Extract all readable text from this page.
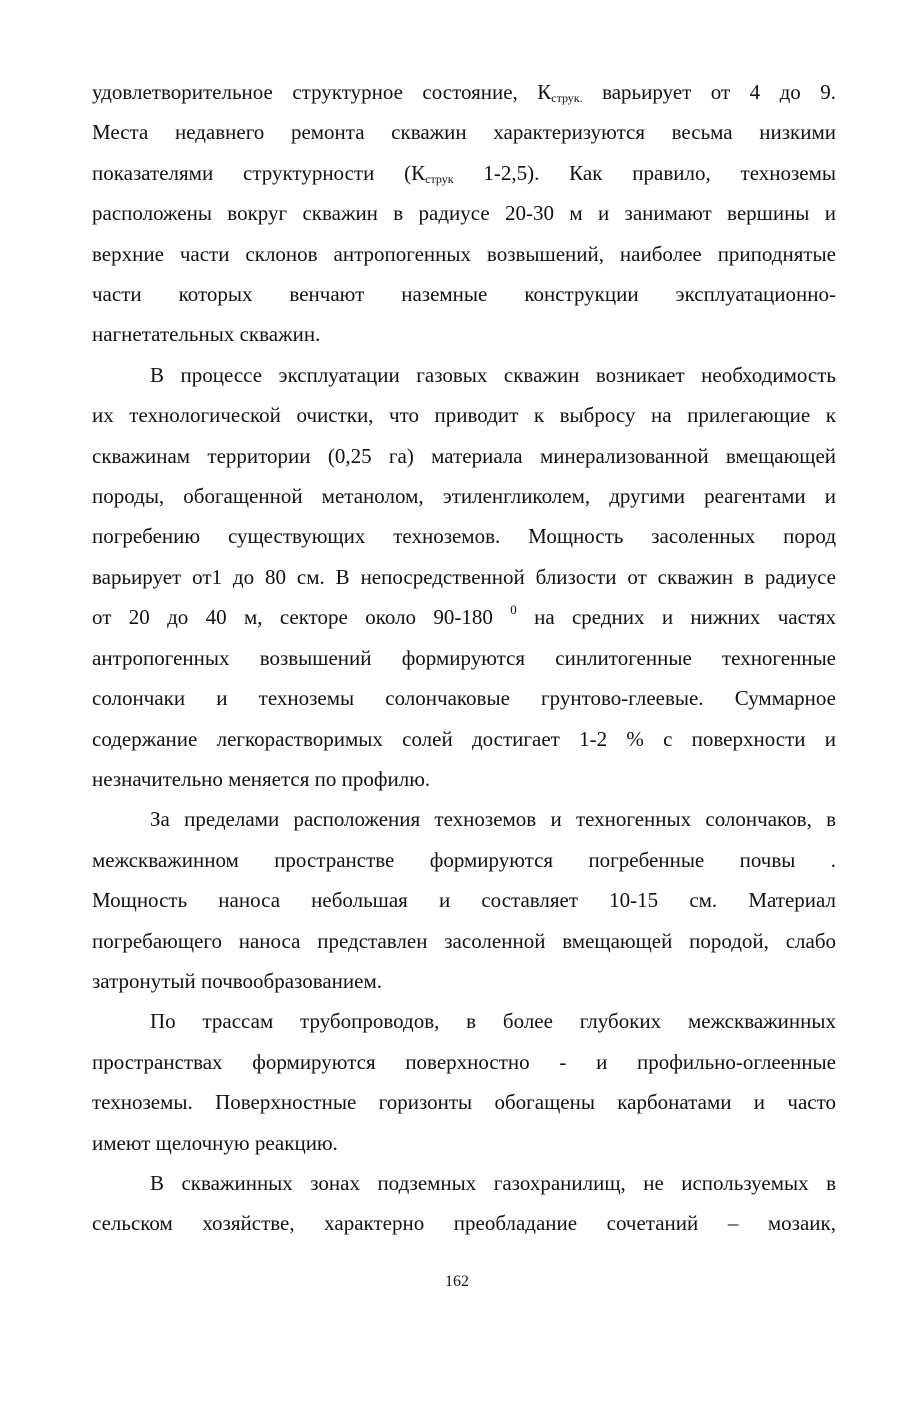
удовлетворительное структурное состояние, $К_{струк.}$ варьирует от 4 до 9.
Места недавнего ремонта скважин характеризуются весьма низкими
показателями структурности ($К_{струк}$ 1-2,5). Как правило, техноземы
расположены вокруг скважин в радиусе 20-30 м и занимают вершины и
верхние части склонов антропогенных возвышений, наиболее приподнятые
части которых венчают наземные конструкции эксплуатационно-
нагнетательных скважин.

В процессе эксплуатации газовых скважин возникает необходимость
их технологической очистки, что приводит к выбросу на прилегающие к
скважинам территории (0,25 га) материала минерализованной вмещающей
породы, обогащенной метанолом, этиленгликолем, другими реагентами и
погребению существующих техноземов. Мощность засоленных пород
варьирует от1 до 80 см. В непосредственной близости от скважин в радиусе
от 20 до 40 м, секторе около 90-180 $^0$ на средних и нижних частях
антропогенных возвышений формируются синлитогенные техногенные
солончаки и техноземы солончаковые грунтово-глеевые. Суммарное
содержание легкорастворимых солей достигает 1-2 % с поверхности и
незначительно меняется по профилю.

За пределами расположения техноземов и техногенных солончаков, в
межскважинном пространстве формируются погребенные почвы .
Мощность наноса небольшая и составляет 10-15 см. Материал
погребающего наноса представлен засоленной вмещающей породой, слабо
затронутый почвообразованием.

По трассам трубопроводов, в более глубоких межскважинных
пространствах формируются поверхностно - и профильно-оглеенные
техноземы. Поверхностные горизонты обогащены карбонатами и часто
имеют щелочную реакцию.

В скважинных зонах подземных газохранилищ, не используемых в
сельском хозяйстве, характерно преобладание сочетаний – мозаик,

162
